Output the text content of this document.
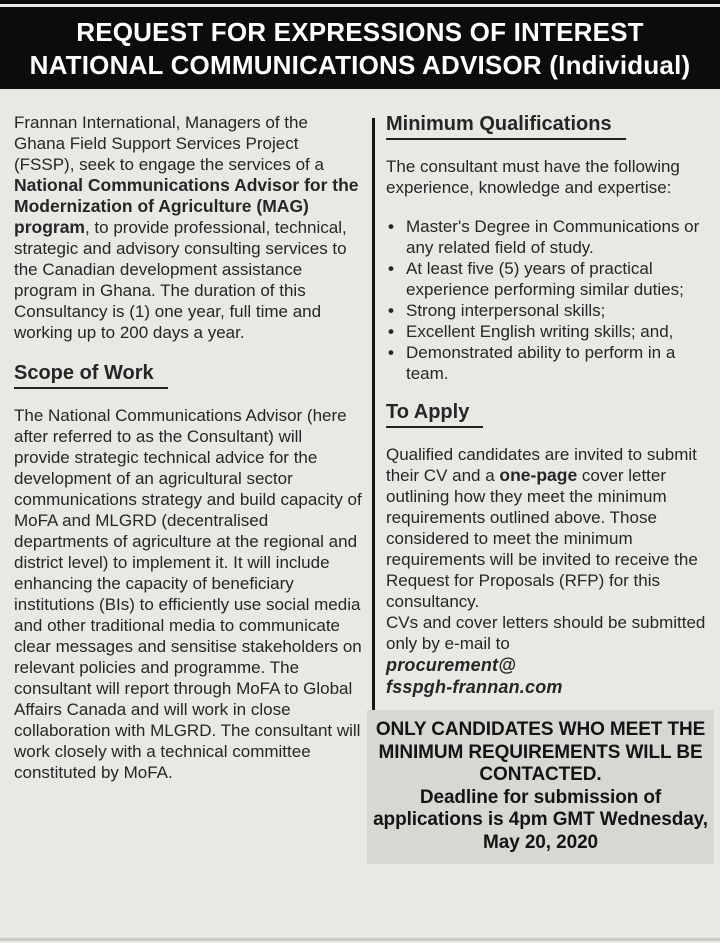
REQUEST FOR EXPRESSIONS OF INTEREST
NATIONAL COMMUNICATIONS ADVISOR (Individual)

Frannan International, Managers of the Ghana Field Support Services Project (FSSP), seek to engage the services of a National Communications Advisor for the Modernization of Agriculture (MAG) program, to provide professional, technical, strategic and advisory consulting services to the Canadian development assistance program in Ghana. The duration of this Consultancy is (1) one year, full time and working up to 200 days a year.

Scope of Work

The National Communications Advisor (here after referred to as the Consultant) will provide strategic technical advice for the development of an agricultural sector communications strategy and build capacity of MoFA and MLGRD (decentralised departments of agriculture at the regional and district level) to implement it. It will include enhancing the capacity of beneficiary institutions (BIs) to efficiently use social media and other traditional media to communicate clear messages and sensitise stakeholders on relevant policies and programme. The consultant will report through MoFA to Global Affairs Canada and will work in close collaboration with MLGRD. The consultant will work closely with a technical committee constituted by MoFA.

Minimum Qualifications

The consultant must have the following experience, knowledge and expertise:

• Master's Degree in Communications or any related field of study.
• At least five (5) years of practical experience performing similar duties;
• Strong interpersonal skills;
• Excellent English writing skills; and,
• Demonstrated ability to perform in a team.
To Apply

Qualified candidates are invited to submit their CV and a one-page cover letter outlining how they meet the minimum requirements outlined above. Those considered to meet the minimum requirements will be invited to receive the Request for Proposals (RFP) for this consultancy.

CVs and cover letters should be submitted only by e-mail to

procurement@
fsspgh-frannan.com
ONLY CANDIDATES WHO MEET THE MINIMUM REQUIREMENTS WILL BE CONTACTED.
Deadline for submission of applications is 4pm GMT Wednesday, May 20, 2020
